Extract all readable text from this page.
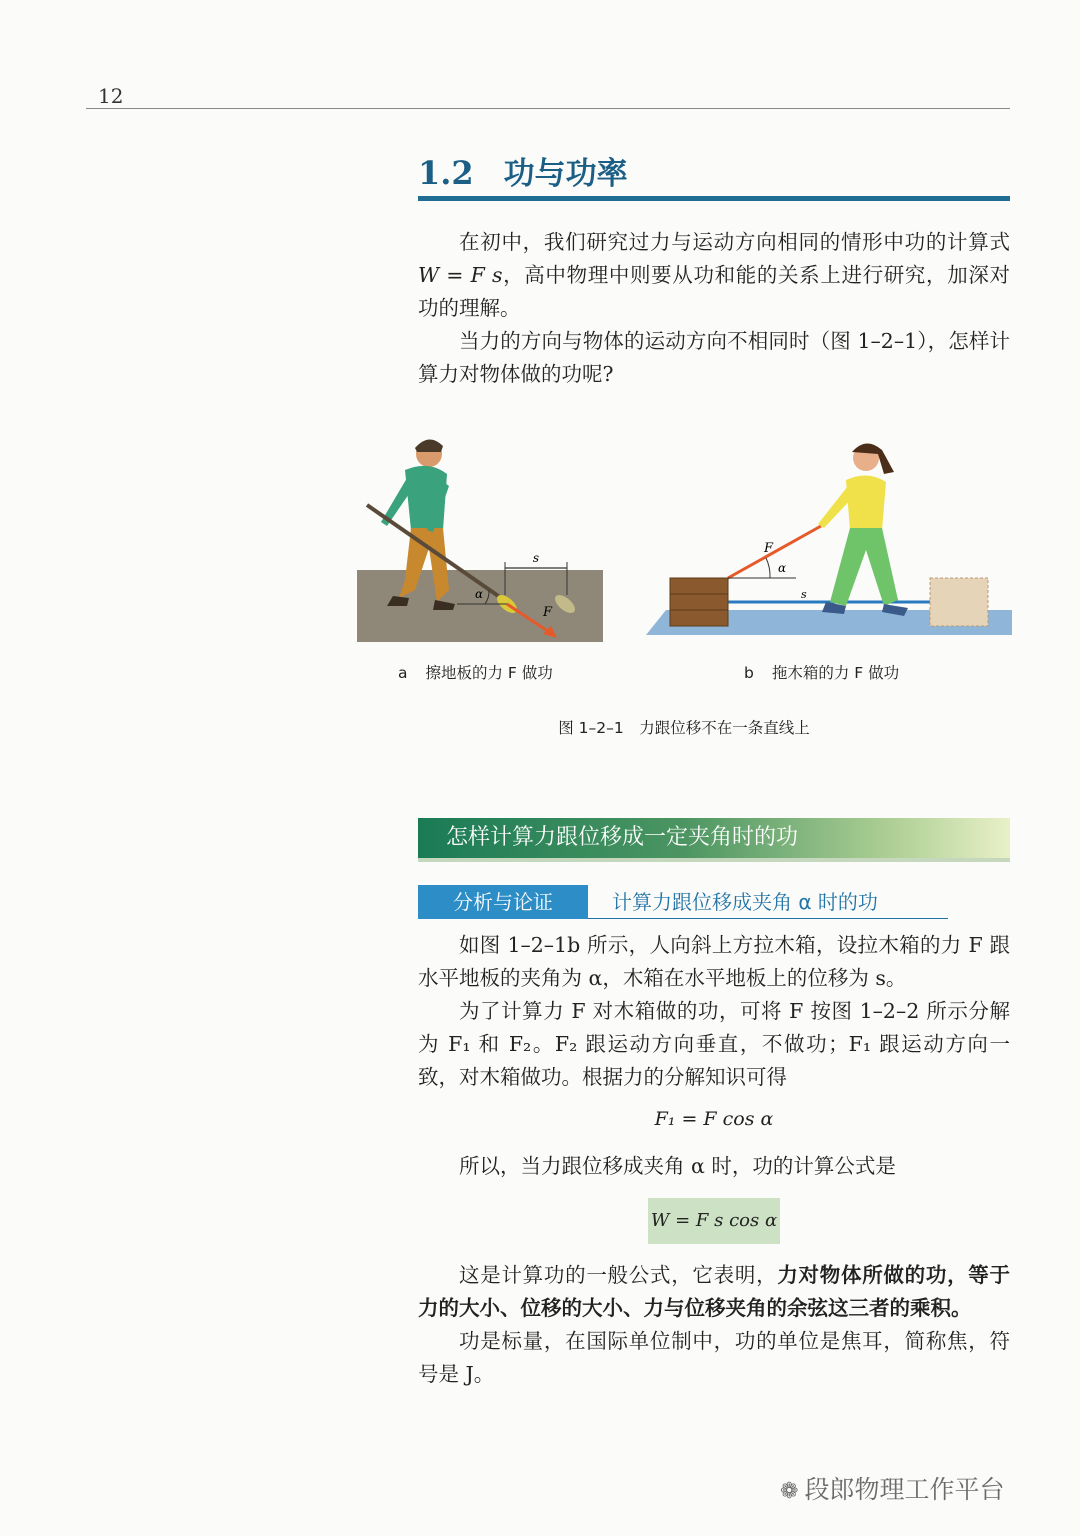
12
1.2 功与功率
在初中，我们研究过力与运动方向相同的情形中功的计算式 W = F s，高中物理中则要从功和能的关系上进行研究，加深对功的理解。
当力的方向与物体的运动方向不相同时（图 1–2–1），怎样计算力对物体做的功呢?
s
α
F
s
F
α
a 擦地板的力 F 做功	b 拖木箱的力 F 做功
图 1–2–1　力跟位移不在一条直线上
怎样计算力跟位移成一定夹角时的功
分析与论证	计算力跟位移成夹角 α 时的功
如图 1–2–1b 所示，人向斜上方拉木箱，设拉木箱的力 F 跟水平地板的夹角为 α，木箱在水平地板上的位移为 s。
为了计算力 F 对木箱做的功，可将 F 按图 1–2–2 所示分解为 F₁ 和 F₂。F₂ 跟运动方向垂直，不做功；F₁ 跟运动方向一致，对木箱做功。根据力的分解知识可得
F₁ = F cos α
所以，当力跟位移成夹角 α 时，功的计算公式是
W = F s cos α
这是计算功的一般公式，它表明，力对物体所做的功，等于力的大小、位移的大小、力与位移夹角的余弦这三者的乘积。
功是标量，在国际单位制中，功的单位是焦耳，简称焦，符号是 J。
❁ 段郎物理工作平台
